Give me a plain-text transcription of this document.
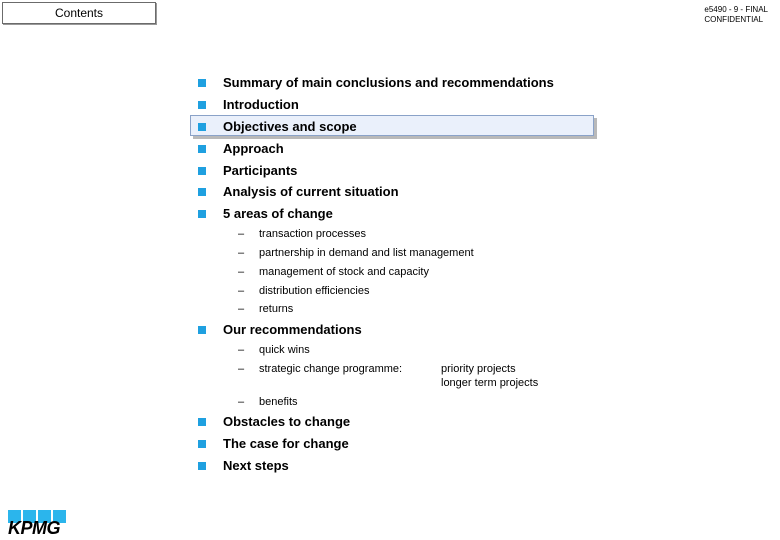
Contents	e5490 - 9 - FINAL
CONFIDENTIAL
Summary of main conclusions and recommendations
Introduction
Objectives and scope
Approach
Participants
Analysis of current situation
5 areas of change
– transaction processes
– partnership in demand and list management
– management of stock and capacity
– distribution efficiencies
– returns
Our recommendations
– quick wins
– strategic change programme:	priority projects
longer term projects
– benefits
Obstacles to change
The case for change
Next steps
KPMG
